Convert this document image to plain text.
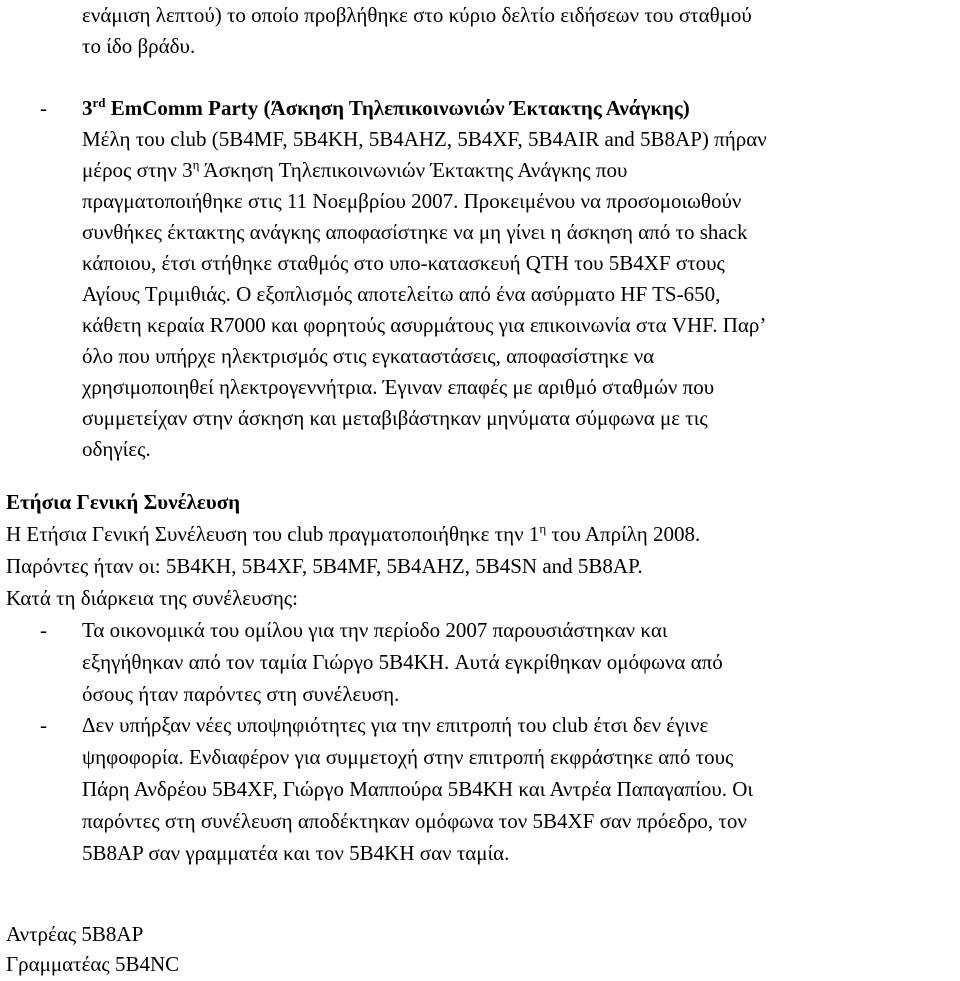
ενάμιση λεπτού) το οποίο προβλήθηκε στο κύριο δελτίο ειδήσεων του σταθμού
το ίδο βράδυ.
- 3rd EmComm Party (Άσκηση Τηλεπικοινωνιών Έκτακτης Ανάγκης)
Μέλη του club (5B4MF, 5B4KH, 5B4AHZ, 5B4XF, 5B4AIR and 5B8AP) πήραν
μέρος στην $3^\eta$ Άσκηση Τηλεπικοινωνιών Έκτακτης Ανάγκης που
πραγματοποιήθηκε στις 11 Νοεμβρίου 2007. Προκειμένου να προσομοιωθούν
συνθήκες έκτακτης ανάγκης αποφασίστηκε να μη γίνει η άσκηση από το shack
κάποιου, έτσι στήθηκε σταθμός στο υπο-κατασκευή QTH του 5B4XF στους
Αγίους Τριμιθιάς. Ο εξοπλισμός αποτελείτω από ένα ασύρματο HF TS-650,
κάθετη κεραία R7000 και φορητούς ασυρμάτους για επικοινωνία στα VHF. Παρ’
όλο που υπήρχε ηλεκτρισμός στις εγκαταστάσεις, αποφασίστηκε να
χρησιμοποιηθεί ηλεκτρογεννήτρια. Έγιναν επαφές με αριθμό σταθμών που
συμμετείχαν στην άσκηση και μεταβιβάστηκαν μηνύματα σύμφωνα με τις
οδηγίες.
Ετήσια Γενική Συνέλευση
Η Ετήσια Γενική Συνέλευση του club πραγματοποιήθηκε την $1^\eta$ του Απρίλη 2008.
Παρόντες ήταν οι: 5B4KH, 5B4XF, 5B4MF, 5B4AHZ, 5B4SN and 5B8AP.
Κατά τη διάρκεια της συνέλευσης:
- Τα οικονομικά του ομίλου για την περίοδο 2007 παρουσιάστηκαν και
εξηγήθηκαν από τον ταμία Γιώργο 5B4KH. Αυτά εγκρίθηκαν ομόφωνα από
όσους ήταν παρόντες στη συνέλευση.
- Δεν υπήρξαν νέες υποψηφιότητες για την επιτροπή του club έτσι δεν έγινε
ψηφοφορία. Ενδιαφέρον για συμμετοχή στην επιτροπή εκφράστηκε από τους
Πάρη Ανδρέου 5B4XF, Γιώργο Μαππούρα 5B4KH και Αντρέα Παπαγαπίου. Οι
παρόντες στη συνέλευση αποδέκτηκαν ομόφωνα τον 5B4XF σαν πρόεδρο, τον
5B8AP σαν γραμματέα και τον 5B4KH σαν ταμία.
Αντρέας 5B8AP
Γραμματέας 5B4NC
